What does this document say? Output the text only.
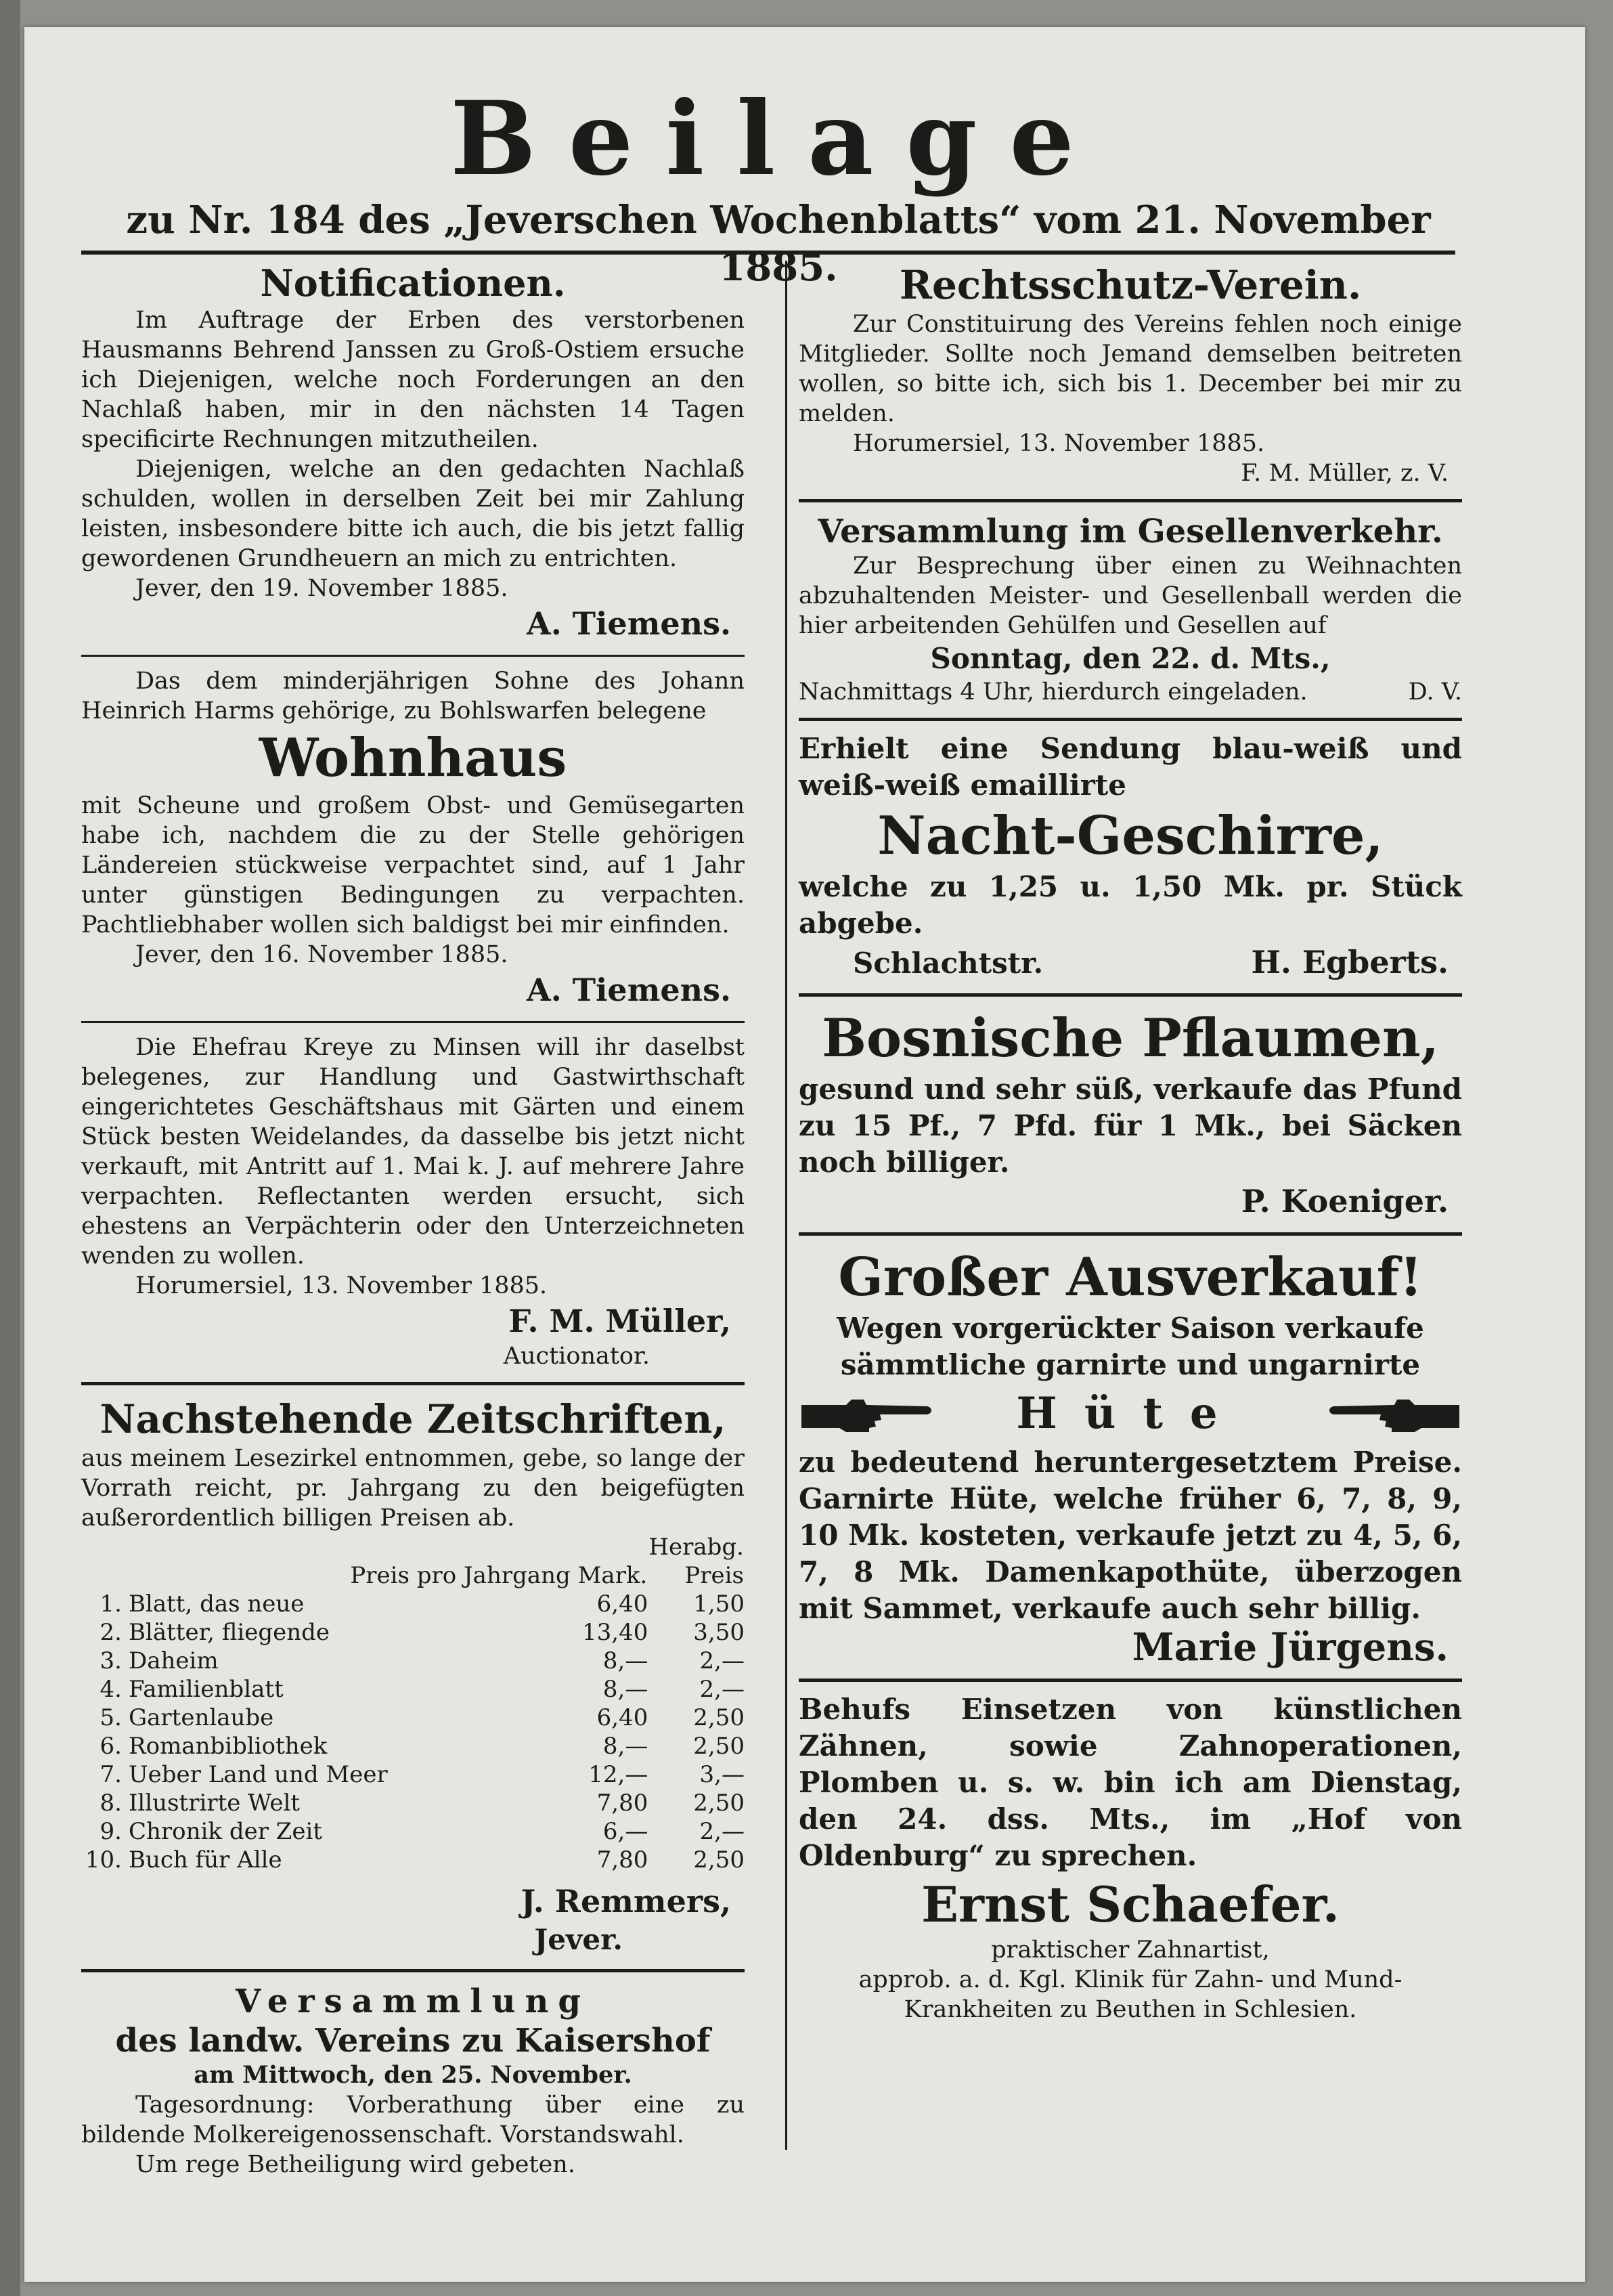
Beilage
zu Nr. 184 des „Jeverschen Wochenblatts“ vom 21. November 1885.
Notificationen.

Im Auftrage der Erben des verstorbenen Hausmanns Behrend Janssen zu Groß-Ostiem ersuche ich Diejenigen, welche noch Forderungen an den Nachlaß haben, mir in den nächsten 14 Tagen specificirte Rechnungen mitzutheilen.

Diejenigen, welche an den gedachten Nachlaß schulden, wollen in derselben Zeit bei mir Zahlung leisten, insbesondere bitte ich auch, die bis jetzt fallig gewordenen Grundheuern an mich zu entrichten.

Jever, den 19. November 1885.

A. Tiemens.

Das dem minderjährigen Sohne des Johann Heinrich Harms gehörige, zu Bohlswarfen belegene

Wohnhaus

mit Scheune und großem Obst- und Gemüsegarten habe ich, nachdem die zu der Stelle gehörigen Ländereien stückweise verpachtet sind, auf 1 Jahr unter günstigen Bedingungen zu verpachten. Pachtliebhaber wollen sich baldigst bei mir einfinden.

Jever, den 16. November 1885.

A. Tiemens.

Die Ehefrau Kreye zu Minsen will ihr daselbst belegenes, zur Handlung und Gastwirthschaft eingerichtetes Geschäftshaus mit Gärten und einem Stück besten Weidelandes, da dasselbe bis jetzt nicht verkauft, mit Antritt auf 1. Mai k. J. auf mehrere Jahre verpachten. Reflectanten werden ersucht, sich ehestens an Verpächterin oder den Unterzeichneten wenden zu wollen.

Horumersiel, 13. November 1885.

F. M. Müller,
Auctionator.
Nachstehende Zeitschriften,

aus meinem Lesezirkel entnommen, gebe, so lange der Vorrath reicht, pr. Jahrgang zu den beigefügten außerordentlich billigen Preisen ab.

			Herabg.
	Preis pro Jahrgang Mark.		Preis
1.	Blatt, das neue	6,40	1,50
2.	Blätter, fliegende	13,40	3,50
3.	Daheim	8,—	2,—
4.	Familienblatt	8,—	2,—
5.	Gartenlaube	6,40	2,50
6.	Romanbibliothek	8,—	2,50
7.	Ueber Land und Meer	12,—	3,—
8.	Illustrirte Welt	7,80	2,50
9.	Chronik der Zeit	6,—	2,—
10.	Buch für Alle	7,80	2,50
J. Remmers,
Jever.
Versammlung
des landw. Vereins zu Kaisershof
am Mittwoch, den 25. November.

Tagesordnung: Vorberathung über eine zu bildende Molkereigenossenschaft. Vorstandswahl.

Um rege Betheiligung wird gebeten.

Rechtsschutz-Verein.

Zur Constituirung des Vereins fehlen noch einige Mitglieder. Sollte noch Jemand demselben beitreten wollen, so bitte ich, sich bis 1. December bei mir zu melden.

Horumersiel, 13. November 1885.

F. M. Müller, z. V.
Versammlung im Gesellenverkehr.

Zur Besprechung über einen zu Weihnachten abzuhaltenden Meister- und Gesellenball werden die hier arbeitenden Gehülfen und Gesellen auf

Sonntag, den 22. d. Mts.,
Nachmittags 4 Uhr, hierdurch eingeladen.	D. V.

Erhielt eine Sendung blau-weiß und weiß-weiß emaillirte

Nacht-Geschirre,

welche zu 1,25 u. 1,50 Mk. pr. Stück abgebe.

Schlachtstr.	H. Egberts.
Bosnische Pflaumen,

gesund und sehr süß, verkaufe das Pfund zu 15 Pf., 7 Pfd. für 1 Mk., bei Säcken noch billiger.

P. Koeniger.
Großer Ausverkauf!

Wegen vorgerückter Saison verkaufe sämmtliche garnirte und ungarnirte

Hüte

zu bedeutend heruntergesetztem Preise. Garnirte Hüte, welche früher 6, 7, 8, 9, 10 Mk. kosteten, verkaufe jetzt zu 4, 5, 6, 7, 8 Mk. Damenkapothüte, überzogen mit Sammet, verkaufe auch sehr billig.

Marie Jürgens.

Behufs Einsetzen von künstlichen Zähnen, sowie Zahnoperationen, Plomben u. s. w. bin ich am Dienstag, den 24. dss. Mts., im „Hof von Oldenburg“ zu sprechen.

Ernst Schaefer.
praktischer Zahnartist,

approb. a. d. Kgl. Klinik für Zahn- und Mund-Krankheiten zu Beuthen in Schlesien.
